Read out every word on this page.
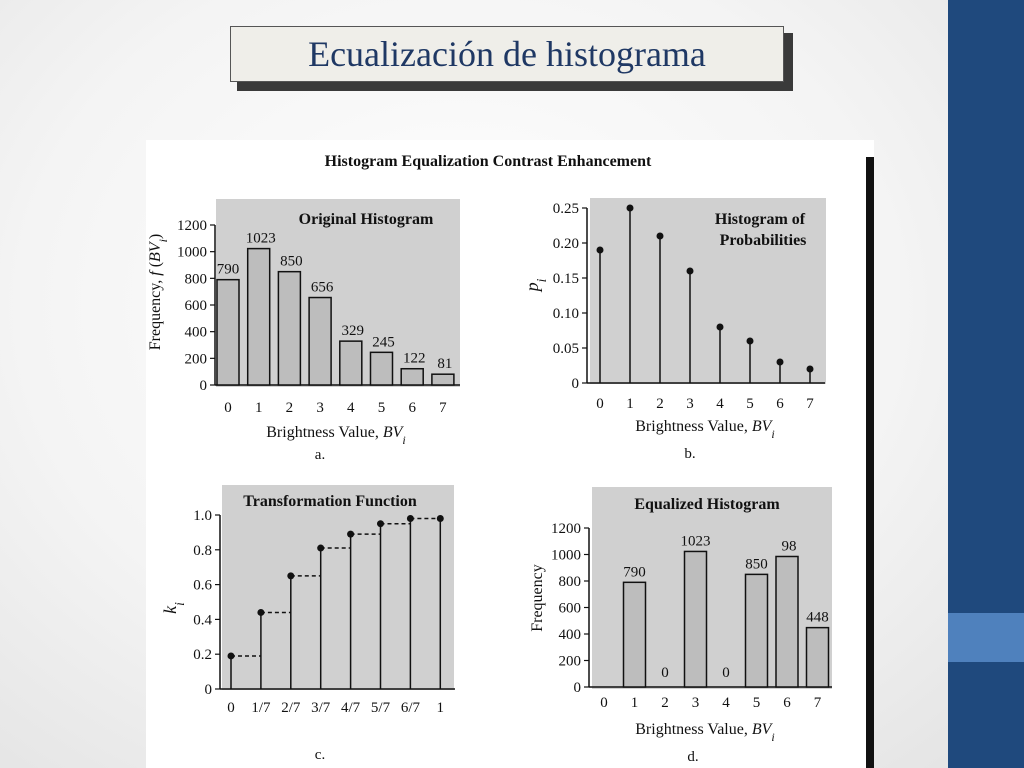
Ecualización de histograma
Histogram Equalization Contrast Enhancement
790
1023
850
656
329
245
122 81
0
200
400
600
800
1000
1200
0 1 2 3 4 5 6 7
Original Histogram
Brightness Value, $BV_i$
Frequency, f $(BV_i)$
a.
0
0.05
0.10
0.15
0.20
0.25
0 1 2 3 4 5 6 7
Histogram of
Probabilities
Brightness Value, $BV_i$
$p_i$
b.
0
0.2
0.4
0.6
0.8
1.0
0 1/7 2/7 3/7 4/7 5/7 6/7 1
Transformation Function
$k_i$
c.
790
0
1023
0
850
98
448
0
200
400
600
800
1000
1200
0 1 2 3 4 5 6 7
Equalized Histogram
Brightness Value, $BV_i$
Frequency
d.
